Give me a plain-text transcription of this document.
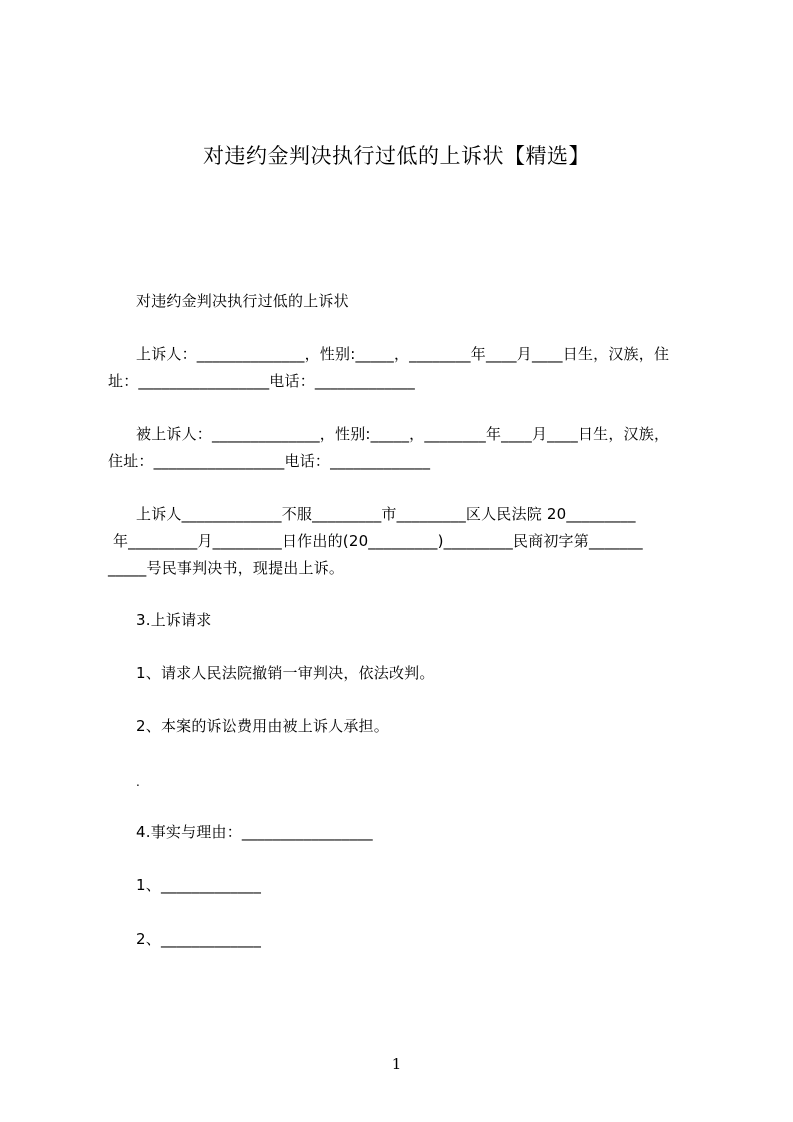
对违约金判决执行过低的上诉状【精选】
对违约金判决执行过低的上诉状
上诉人：______________，性别:_____，________年____月____日生，汉族，住
址：_________________电话：_____________
被上诉人：______________，性别:_____，________年____月____日生，汉族，
住址：_________________电话：_____________
上诉人_____________不服_________市_________区人民法院 20_________
年_________月_________日作出的(20_________)_________民商初字第_______
_____号民事判决书，现提出上诉。
3.上诉请求
1、请求人民法院撤销一审判决，依法改判。
2、本案的诉讼费用由被上诉人承担。
.
4.事实与理由：_________________
1、_____________
2、_____________
1
